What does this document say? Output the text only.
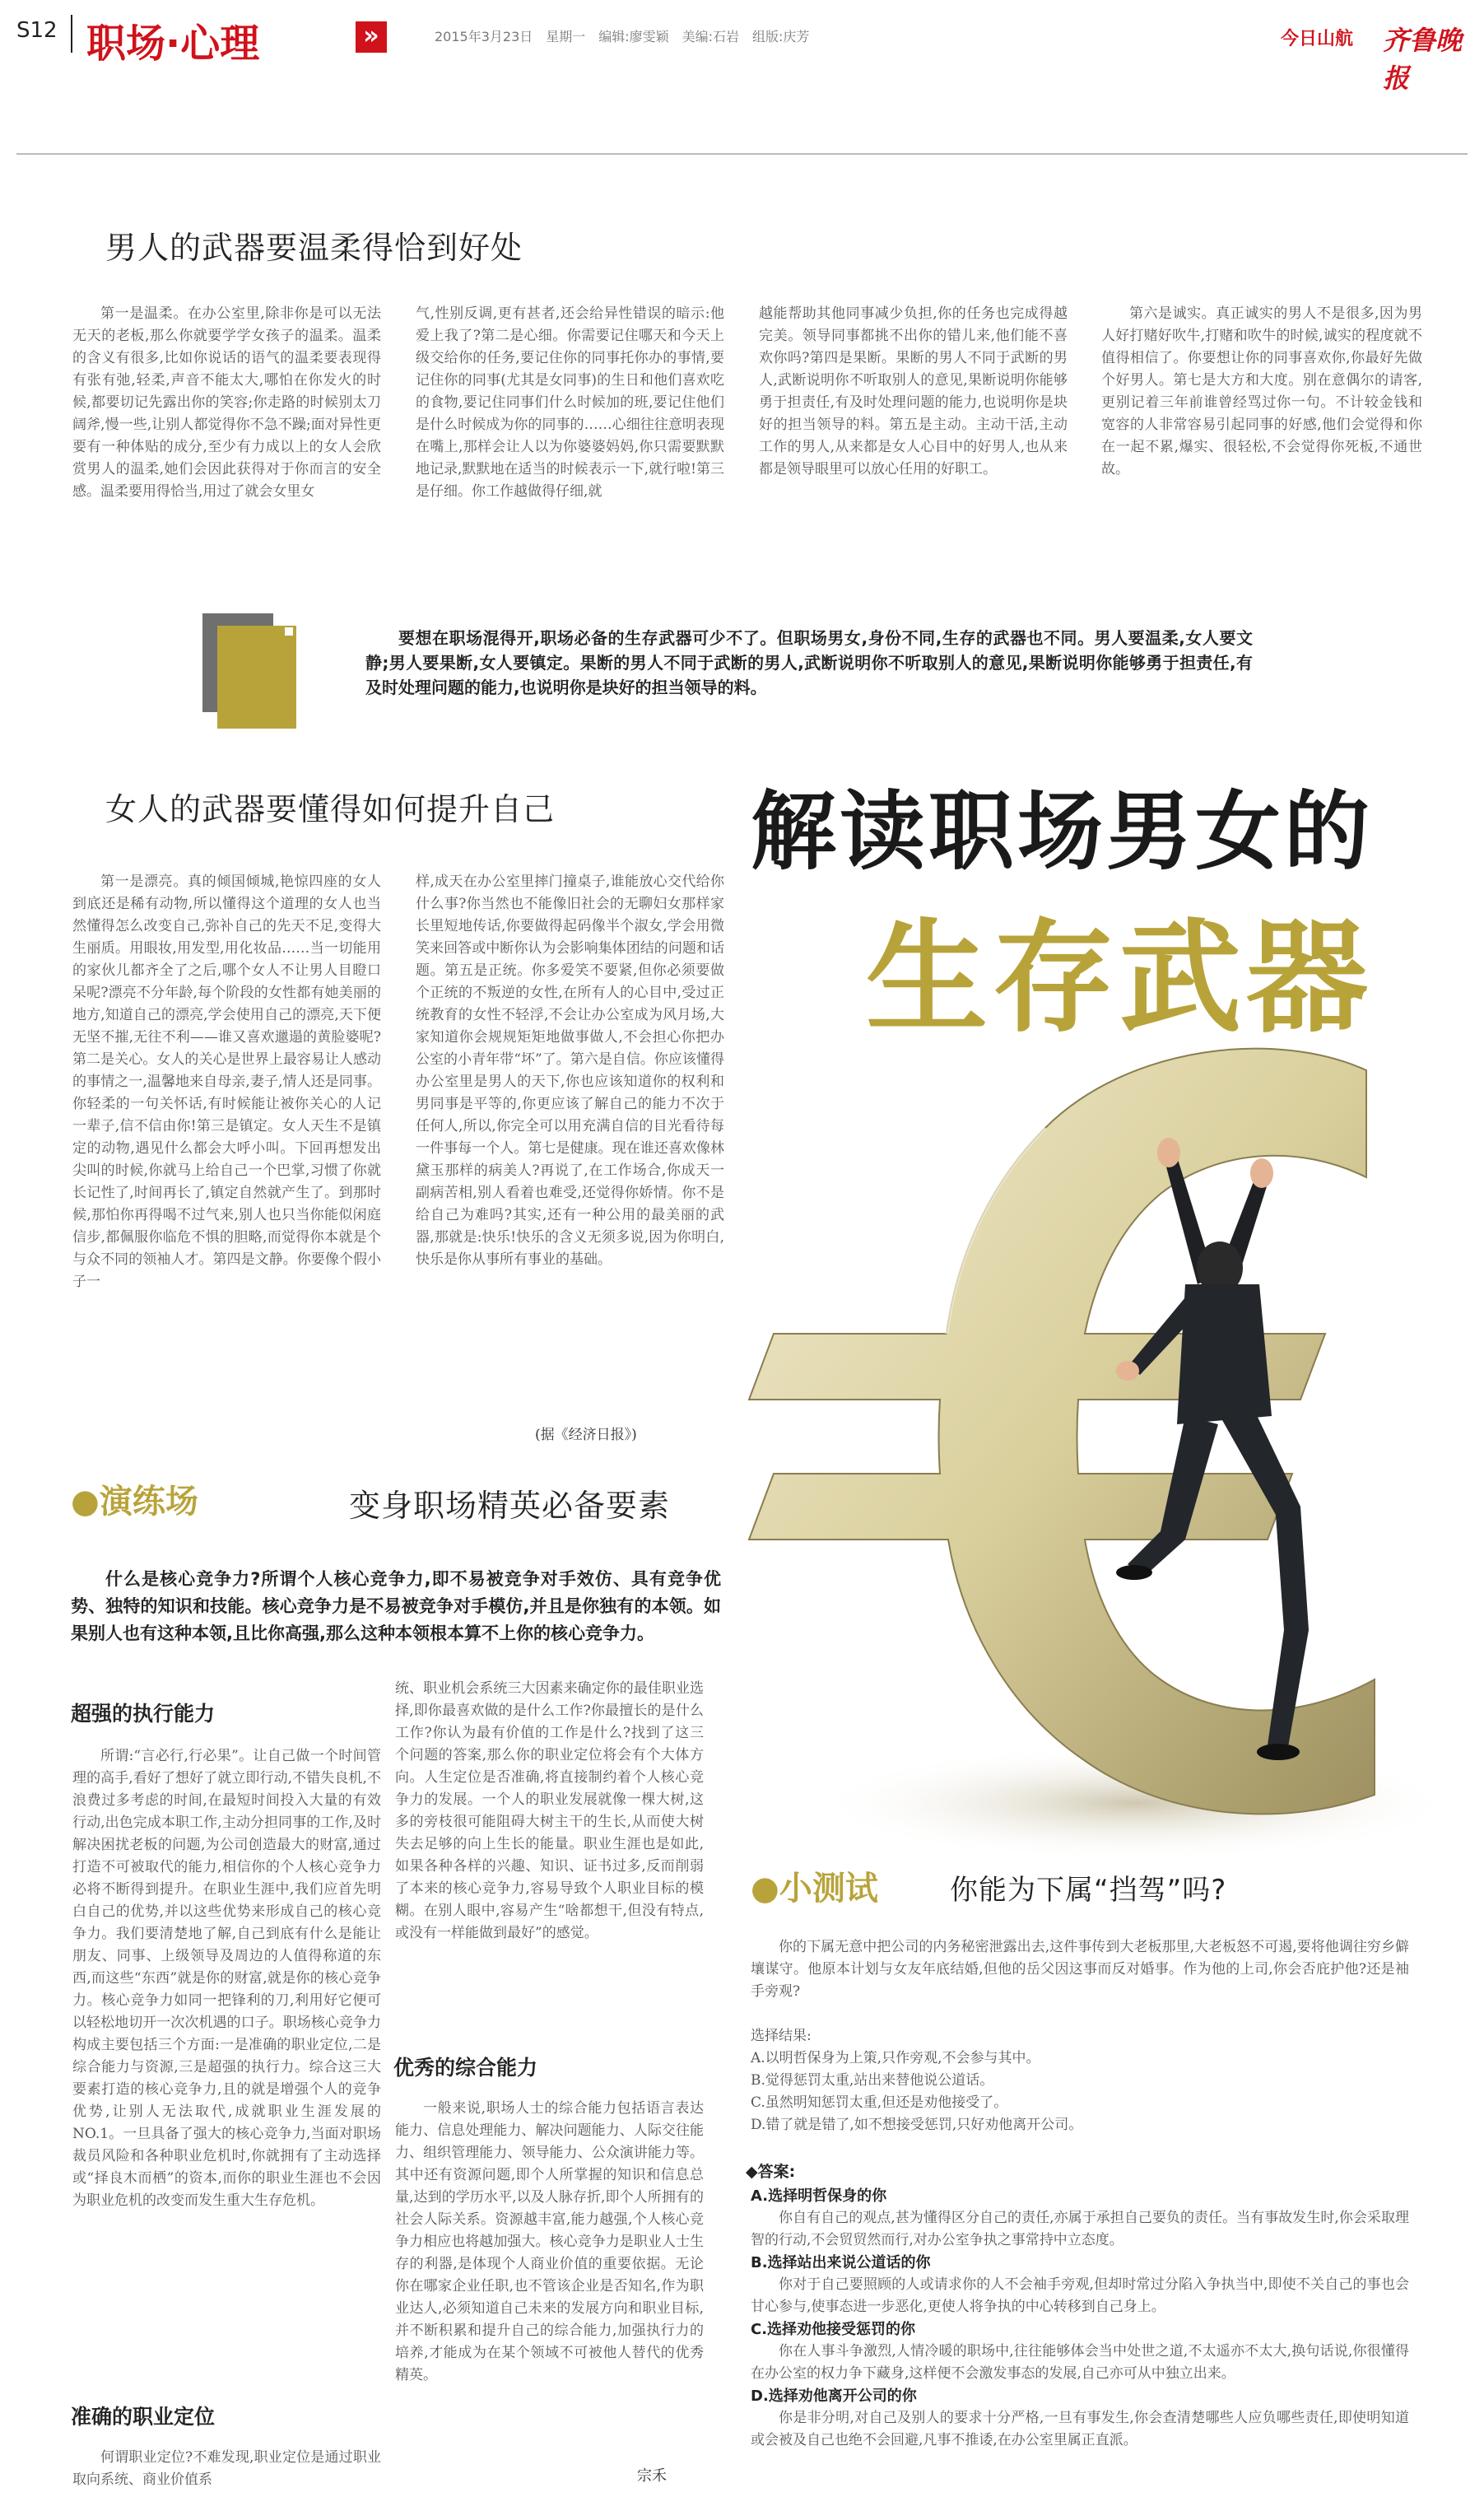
S12 职场·心理	»	2015年3月23日　星期一　编辑:廖雯颖　美编:石岩　组版:庆芳	今日山航 齐鲁晚报
男人的武器要温柔得恰到好处
第一是温柔。在办公室里,除非你是可以无法无天的老板,那么你就要学学女孩子的温柔。温柔的含义有很多,比如你说话的语气的温柔要表现得有张有弛,轻柔,声音不能太大,哪怕在你发火的时候,都要切记先露出你的笑容;你走路的时候别太刀阔斧,慢一些,让别人都觉得你不急不躁;面对异性更要有一种体贴的成分,至少有力成以上的女人会欣赏男人的温柔,她们会因此获得对于你而言的安全感。温柔要用得恰当,用过了就会女里女
气,性别反调,更有甚者,还会给异性错误的暗示:他爱上我了?第二是心细。你需要记住哪天和今天上级交给你的任务,要记住你的同事托你办的事情,要记住你的同事(尤其是女同事)的生日和他们喜欢吃的食物,要记住同事们什么时候加的班,要记住他们是什么时候成为你的同事的……心细往往意明表现在嘴上,那样会让人以为你婆婆妈妈,你只需要默默地记录,默默地在适当的时候表示一下,就行啦!第三是仔细。你工作越做得仔细,就
越能帮助其他同事减少负担,你的任务也完成得越完美。领导同事都挑不出你的错儿来,他们能不喜欢你吗?第四是果断。果断的男人不同于武断的男人,武断说明你不听取别人的意见,果断说明你能够勇于担责任,有及时处理问题的能力,也说明你是块好的担当领导的料。第五是主动。主动干活,主动工作的男人,从来都是女人心目中的好男人,也从来都是领导眼里可以放心任用的好职工。
第六是诚实。真正诚实的男人不是很多,因为男人好打赌好吹牛,打赌和吹牛的时候,诚实的程度就不值得相信了。你要想让你的同事喜欢你,你最好先做个好男人。第七是大方和大度。别在意偶尔的请客,更别记着三年前谁曾经骂过你一句。不计较金钱和宽容的人非常容易引起同事的好感,他们会觉得和你在一起不累,爆实、很轻松,不会觉得你死板,不通世故。
要想在职场混得开,职场必备的生存武器可少不了。但职场男女,身份不同,生存的武器也不同。男人要温柔,女人要文静;男人要果断,女人要镇定。果断的男人不同于武断的男人,武断说明你不听取别人的意见,果断说明你能够勇于担责任,有及时处理问题的能力,也说明你是块好的担当领导的料。
女人的武器要懂得如何提升自己
第一是漂亮。真的倾国倾城,艳惊四座的女人到底还是稀有动物,所以懂得这个道理的女人也当然懂得怎么改变自己,弥补自己的先天不足,变得大生丽质。用眼妆,用发型,用化妆品……当一切能用的家伙儿都齐全了之后,哪个女人不让男人目瞪口呆呢?漂亮不分年龄,每个阶段的女性都有她美丽的地方,知道自己的漂亮,学会使用自己的漂亮,天下便无坚不摧,无往不利——谁又喜欢邋遢的黄脸婆呢?第二是关心。女人的关心是世界上最容易让人感动的事情之一,温馨地来自母亲,妻子,情人还是同事。你轻柔的一句关怀话,有时候能让被你关心的人记一辈子,信不信由你!第三是镇定。女人天生不是镇定的动物,遇见什么都会大呼小叫。下回再想发出尖叫的时候,你就马上给自己一个巴掌,习惯了你就长记性了,时间再长了,镇定自然就产生了。到那时候,那怕你再得喝不过气来,别人也只当你能似闲庭信步,都佩服你临危不惧的胆略,而觉得你本就是个与众不同的领袖人才。第四是文静。你要像个假小子一
样,成天在办公室里摔门撞桌子,谁能放心交代给你什么事?你当然也不能像旧社会的无聊妇女那样家长里短地传话,你要做得起码像半个淑女,学会用微笑来回答或中断你认为会影响集体团结的问题和话题。第五是正统。你多爱笑不要紧,但你必须要做个正统的不叛逆的女性,在所有人的心目中,受过正统教育的女性不轻浮,不会让办公室成为风月场,大家知道你会规规矩矩地做事做人,不会担心你把办公室的小青年带“坏”了。第六是自信。你应该懂得办公室里是男人的天下,你也应该知道你的权利和男同事是平等的,你更应该了解自己的能力不次于任何人,所以,你完全可以用充满自信的目光看待每一件事每一个人。第七是健康。现在谁还喜欢像林黛玉那样的病美人?再说了,在工作场合,你成天一副病苦相,别人看着也难受,还觉得你娇情。你不是给自己为难吗?其实,还有一种公用的最美丽的武器,那就是:快乐!快乐的含义无须多说,因为你明白,快乐是你从事所有事业的基础。
(据《经济日报》)
解读职场男女的
生存武器
●演练场	变身职场精英必备要素
什么是核心竞争力?所谓个人核心竞争力,即不易被竞争对手效仿、具有竞争优势、独特的知识和技能。核心竞争力是不易被竞争对手模仿,并且是你独有的本领。如果别人也有这种本领,且比你高强,那么这种本领根本算不上你的核心竞争力。
超强的执行能力
所谓:“言必行,行必果”。让自己做一个时间管理的高手,看好了想好了就立即行动,不错失良机,不浪费过多考虑的时间,在最短时间投入大量的有效行动,出色完成本职工作,主动分担同事的工作,及时解决困扰老板的问题,为公司创造最大的财富,通过打造不可被取代的能力,相信你的个人核心竞争力必将不断得到提升。在职业生涯中,我们应首先明白自己的优势,并以这些优势来形成自己的核心竞争力。我们要清楚地了解,自己到底有什么是能让朋友、同事、上级领导及周边的人值得称道的东西,而这些“东西”就是你的财富,就是你的核心竞争力。核心竞争力如同一把锋利的刀,利用好它便可以轻松地切开一次次机遇的口子。职场核心竞争力构成主要包括三个方面:一是准确的职业定位,二是综合能力与资源,三是超强的执行力。综合这三大要素打造的核心竞争力,且的就是增强个人的竞争优势,让别人无法取代,成就职业生涯发展的NO.1。一旦具备了强大的核心竞争力,当面对职场裁员风险和各种职业危机时,你就拥有了主动选择或“择良木而栖”的资本,而你的职业生涯也不会因为职业危机的改变而发生重大生存危机。
准确的职业定位
何谓职业定位?不难发现,职业定位是通过职业取向系统、商业价值系
统、职业机会系统三大因素来确定你的最佳职业选择,即你最喜欢做的是什么工作?你最擅长的是什么工作?你认为最有价值的工作是什么?找到了这三个问题的答案,那么你的职业定位将会有个大体方向。人生定位是否准确,将直接制约着个人核心竞争力的发展。一个人的职业发展就像一棵大树,这多的旁枝很可能阻碍大树主干的生长,从而使大树失去足够的向上生长的能量。职业生涯也是如此,如果各种各样的兴趣、知识、证书过多,反而削弱了本来的核心竞争力,容易导致个人职业目标的模糊。在别人眼中,容易产生“啥都想干,但没有特点,或没有一样能做到最好”的感觉。
优秀的综合能力
一般来说,职场人士的综合能力包括语言表达能力、信息处理能力、解决问题能力、人际交往能力、组织管理能力、领导能力、公众演讲能力等。其中还有资源问题,即个人所掌握的知识和信息总量,达到的学历水平,以及人脉存折,即个人所拥有的社会人际关系。资源越丰富,能力越强,个人核心竞争力相应也将越加强大。核心竞争力是职业人士生存的利器,是体现个人商业价值的重要依据。无论你在哪家企业任职,也不管该企业是否知名,作为职业达人,必须知道自己未来的发展方向和职业目标,并不断积累和提升自己的综合能力,加强执行力的培养,才能成为在某个领域不可被他人替代的优秀精英。
宗禾
●小测试	你能为下属“挡驾”吗?
你的下属无意中把公司的内务秘密泄露出去,这件事传到大老板那里,大老板怒不可遏,要将他调往穷乡僻壤谋守。他原本计划与女友年底结婚,但他的岳父因这事而反对婚事。作为他的上司,你会否庇护他?还是袖手旁观?
选择结果:
A.以明哲保身为上策,只作旁观,不会参与其中。
B.觉得惩罚太重,站出来替他说公道话。
C.虽然明知惩罚太重,但还是劝他接受了。
D.错了就是错了,如不想接受惩罚,只好劝他离开公司。
◆答案:
A.选择明哲保身的你
你自有自己的观点,甚为懂得区分自己的责任,亦属于承担自己要负的责任。当有事故发生时,你会采取理智的行动,不会贸贸然而行,对办公室争执之事常持中立态度。
B.选择站出来说公道话的你
你对于自己要照顾的人或请求你的人不会袖手旁观,但却时常过分陷入争执当中,即使不关自己的事也会甘心参与,使事态进一步恶化,更使人将争执的中心转移到自己身上。
C.选择劝他接受惩罚的你
你在人事斗争激烈,人情冷暖的职场中,往往能够体会当中处世之道,不太遥亦不太大,换句话说,你很懂得在办公室的权力争下藏身,这样便不会激发事态的发展,自己亦可从中独立出来。
D.选择劝他离开公司的你
你是非分明,对自己及别人的要求十分严格,一旦有事发生,你会查清楚哪些人应负哪些责任,即使明知道或会被及自己也绝不会回避,凡事不推诿,在办公室里属正直派。
